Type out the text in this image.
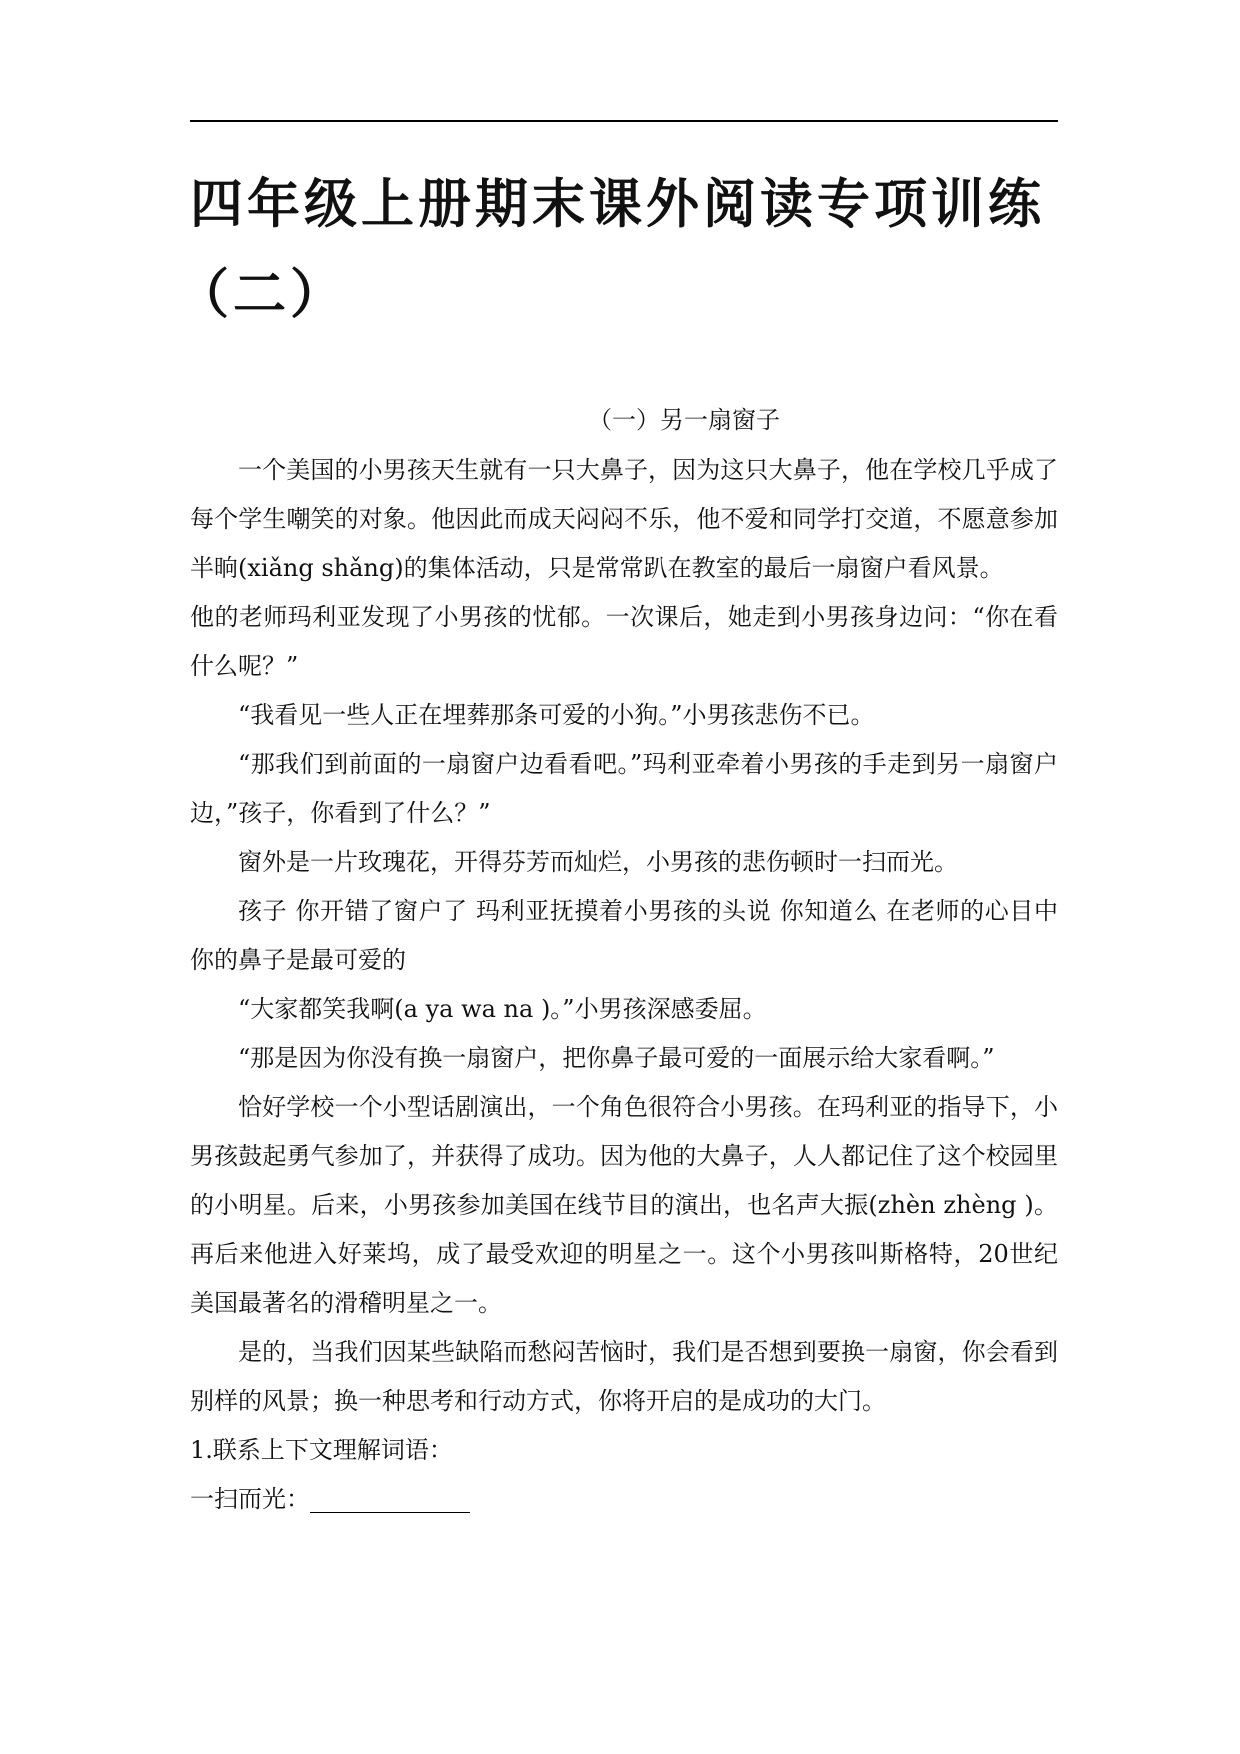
四年级上册期末课外阅读专项训练
（二）

（一）另一扇窗子

一个美国的小男孩天生就有一只大鼻子，因为这只大鼻子，他在学校几乎成了每个学生嘲笑的对象。他因此而成天闷闷不乐，他不爱和同学打交道，不愿意参加半晌(xiǎng shǎng)的集体活动，只是常常趴在教室的最后一扇窗户看风景。

他的老师玛利亚发现了小男孩的忧郁。一次课后，她走到小男孩身边问：“你在看什么呢？”

“我看见一些人正在埋葬那条可爱的小狗。”小男孩悲伤不已。

“那我们到前面的一扇窗户边看看吧。”玛利亚牵着小男孩的手走到另一扇窗户边，”孩子，你看到了什么？”

窗外是一片玫瑰花，开得芬芳而灿烂，小男孩的悲伤顿时一扫而光。

孩子 你开错了窗户了 玛利亚抚摸着小男孩的头说 你知道么 在老师的心目中 你的鼻子是最可爱的

“大家都笑我啊(a ya wa na )。”小男孩深感委屈。

“那是因为你没有换一扇窗户，把你鼻子最可爱的一面展示给大家看啊。”

恰好学校一个小型话剧演出，一个角色很符合小男孩。在玛利亚的指导下，小男孩鼓起勇气参加了，并获得了成功。因为他的大鼻子，人人都记住了这个校园里的小明星。后来，小男孩参加美国在线节目的演出，也名声大振(zhèn zhèng )。再后来他进入好莱坞，成了最受欢迎的明星之一。这个小男孩叫斯格特，20世纪美国最著名的滑稽明星之一。

是的，当我们因某些缺陷而愁闷苦恼时，我们是否想到要换一扇窗，你会看到别样的风景；换一种思考和行动方式，你将开启的是成功的大门。

1.联系上下文理解词语：

一扫而光：
